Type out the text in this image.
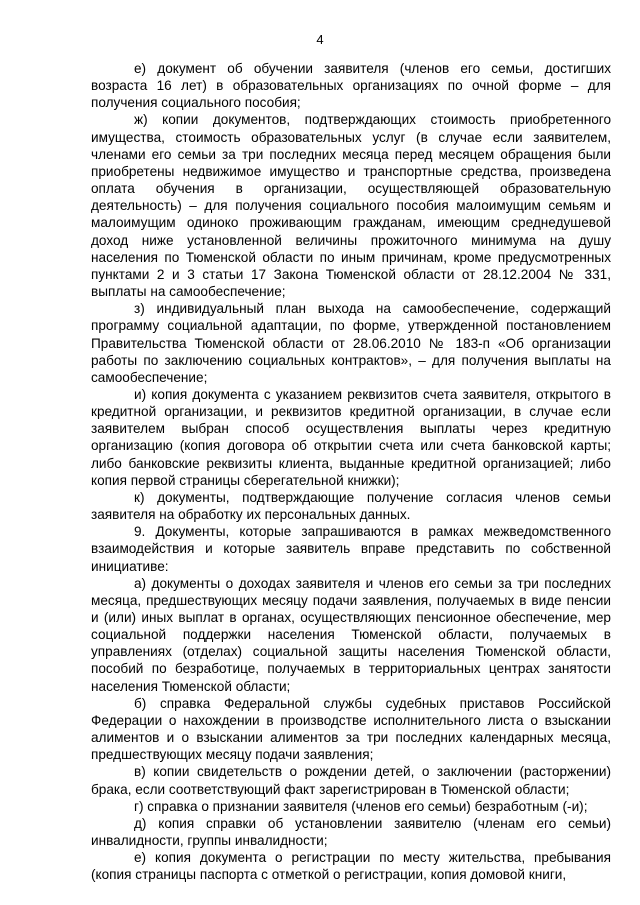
4

е) документ об обучении заявителя (членов его семьи, достигших возраста 16 лет) в образовательных организациях по очной форме – для получения социального пособия;

ж) копии документов, подтверждающих стоимость приобретенного имущества, стоимость образовательных услуг (в случае если заявителем, членами его семьи за три последних месяца перед месяцем обращения были приобретены недвижимое имущество и транспортные средства, произведена оплата обучения в организации, осуществляющей образовательную деятельность) – для получения социального пособия малоимущим семьям и малоимущим одиноко проживающим гражданам, имеющим среднедушевой доход ниже установленной величины прожиточного минимума на душу населения по Тюменской области по иным причинам, кроме предусмотренных пунктами 2 и 3 статьи 17 Закона Тюменской области от 28.12.2004 № 331, выплаты на самообеспечение;

з) индивидуальный план выхода на самообеспечение, содержащий программу социальной адаптации, по форме, утвержденной постановлением Правительства Тюменской области от 28.06.2010 № 183-п «Об организации работы по заключению социальных контрактов», – для получения выплаты на самообеспечение;

и) копия документа с указанием реквизитов счета заявителя, открытого в кредитной организации, и реквизитов кредитной организации, в случае если заявителем выбран способ осуществления выплаты через кредитную организацию (копия договора об открытии счета или счета банковской карты; либо банковские реквизиты клиента, выданные кредитной организацией; либо копия первой страницы сберегательной книжки);

к) документы, подтверждающие получение согласия членов семьи заявителя на обработку их персональных данных.

9. Документы, которые запрашиваются в рамках межведомственного взаимодействия и которые заявитель вправе представить по собственной инициативе:

а) документы о доходах заявителя и членов его семьи за три последних месяца, предшествующих месяцу подачи заявления, получаемых в виде пенсии и (или) иных выплат в органах, осуществляющих пенсионное обеспечение, мер социальной поддержки населения Тюменской области, получаемых в управлениях (отделах) социальной защиты населения Тюменской области, пособий по безработице, получаемых в территориальных центрах занятости населения Тюменской области;

б) справка Федеральной службы судебных приставов Российской Федерации о нахождении в производстве исполнительного листа о взыскании алиментов и о взыскании алиментов за три последних календарных месяца, предшествующих месяцу подачи заявления;

в) копии свидетельств о рождении детей, о заключении (расторжении) брака, если соответствующий факт зарегистрирован в Тюменской области;

г) справка о признании заявителя (членов его семьи) безработным (-и);

д) копия справки об установлении заявителю (членам его семьи) инвалидности, группы инвалидности;

е) копия документа о регистрации по месту жительства, пребывания (копия страницы паспорта с отметкой о регистрации, копия домовой книги,
